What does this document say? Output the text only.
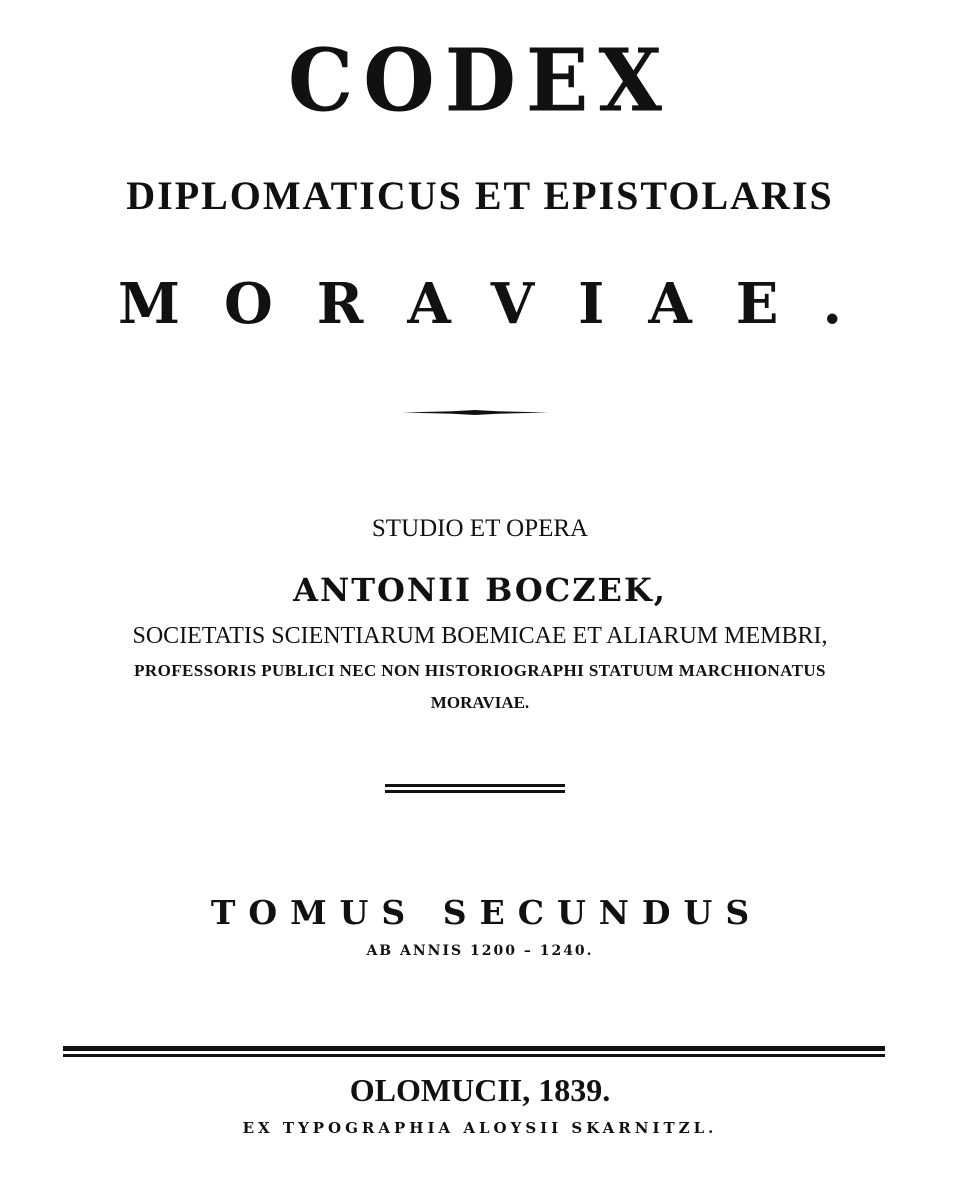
CODEX
DIPLOMATICUS ET EPISTOLARIS
MORAVIAE.
STUDIO ET OPERA
ANTONII BOCZEK,
SOCIETATIS SCIENTIARUM BOEMICAE ET ALIARUM MEMBRI,
PROFESSORIS PUBLICI NEC NON HISTORIOGRAPHI STATUUM MARCHIONATUS
MORAVIAE.
TOMUS SECUNDUS
AB ANNIS 1200 – 1240.
OLOMUCII, 1839.
EX TYPOGRAPHIA ALOYSII SKARNITZL.
